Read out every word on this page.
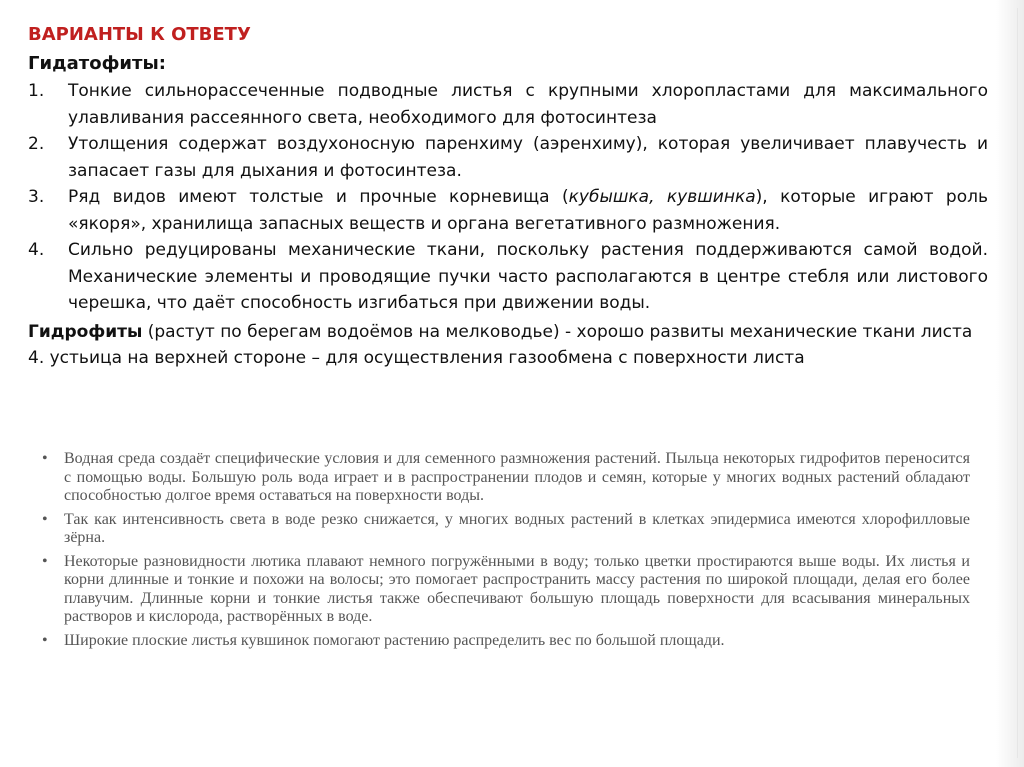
ВАРИАНТЫ К ОТВЕТУ

Гидатофиты:

1. Тонкие сильнорассеченные подводные листья с крупными хлоропластами для максимального улавливания рассеянного света, необходимого для фотосинтеза
2. Утолщения содержат воздухоносную паренхиму (аэренхиму), которая увеличивает плавучесть и запасает газы для дыхания и фотосинтеза.
3. Ряд видов имеют толстые и прочные корневища (кубышка, кувшинка), которые играют роль «якоря», хранилища запасных веществ и органа вегетативного размножения.
4. Сильно редуцированы механические ткани, поскольку растения поддерживаются самой водой. Механические элементы и проводящие пучки часто располагаются в центре стебля или листового черешка, что даёт способность изгибаться при движении воды.

Гидрофиты (растут по берегам водоёмов на мелководье) - хорошо развиты механические ткани листа

4. устьица на верхней стороне – для осуществления газообмена с поверхности листа

• Водная среда создаёт специфические условия и для семенного размножения растений. Пыльца некоторых гидрофитов переносится с помощью воды. Большую роль вода играет и в распространении плодов и семян, которые у многих водных растений обладают способностью долгое время оставаться на поверхности воды.
• Так как интенсивность света в воде резко снижается, у многих водных растений в клетках эпидермиса имеются хлорофилловые зёрна.
• Некоторые разновидности лютика плавают немного погружёнными в воду; только цветки простираются выше воды. Их листья и корни длинные и тонкие и похожи на волосы; это помогает распространить массу растения по широкой площади, делая его более плавучим. Длинные корни и тонкие листья также обеспечивают большую площадь поверхности для всасывания минеральных растворов и кислорода, растворённых в воде.
• Широкие плоские листья кувшинок помогают растению распределить вес по большой площади.
